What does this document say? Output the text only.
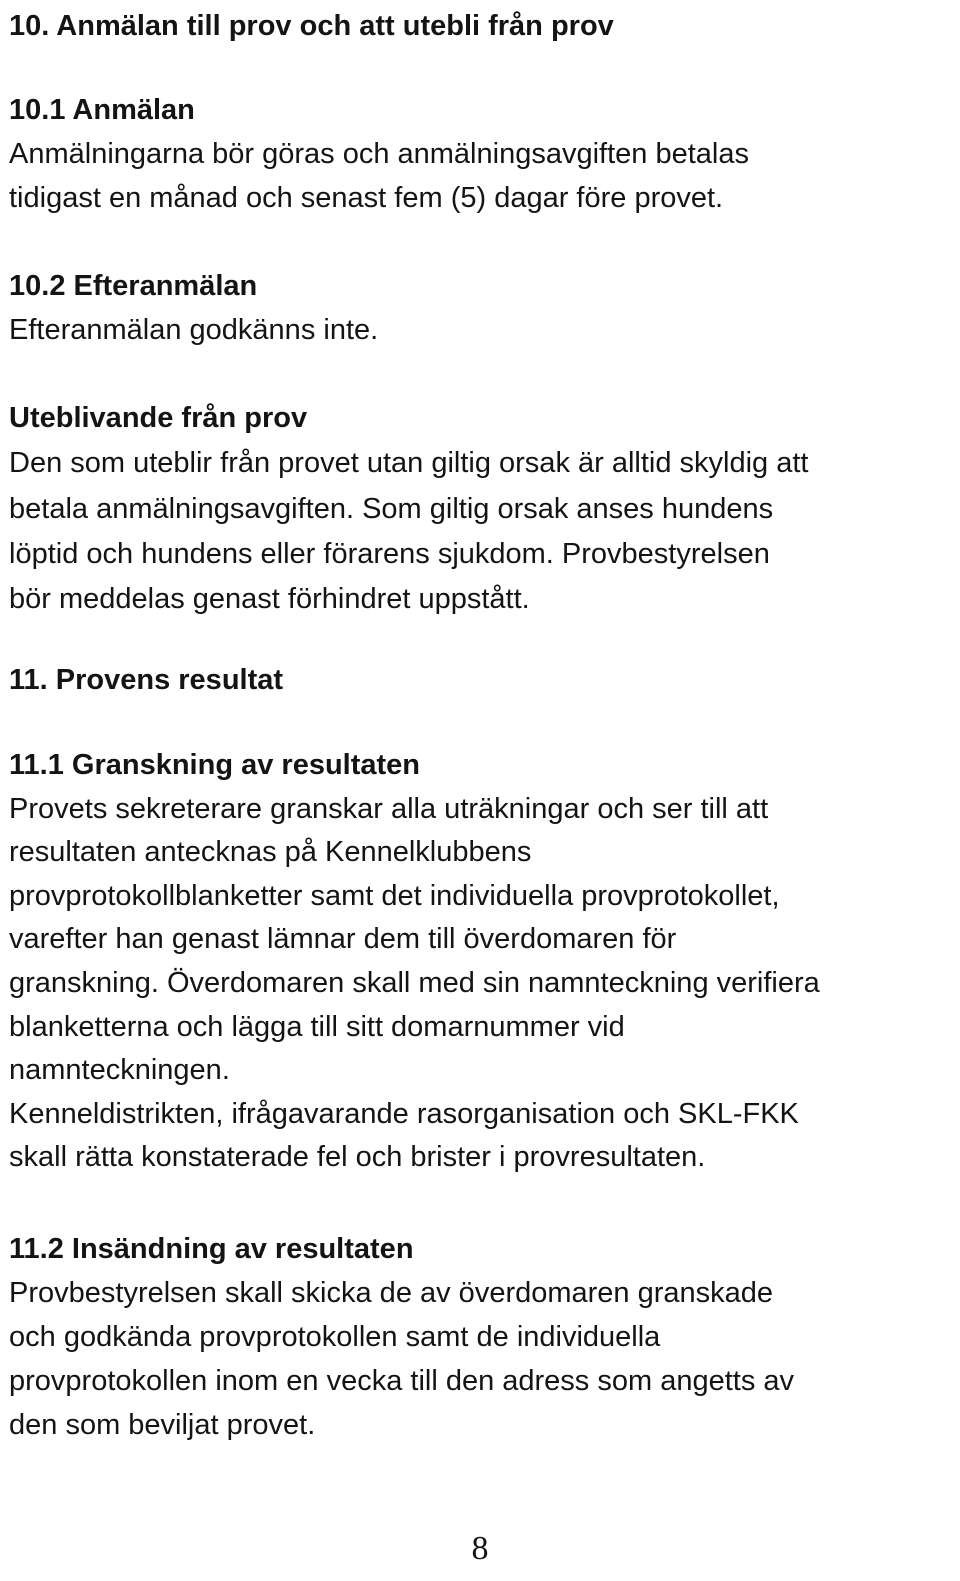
10. Anmälan till prov och att utebli från prov
10.1 Anmälan
Anmälningarna bör göras och anmälningsavgiften betalas
tidigast en månad och senast fem (5) dagar före provet.
10.2 Efteranmälan
Efteranmälan godkänns inte.
Uteblivande från prov
Den som uteblir från provet utan giltig orsak är alltid skyldig att
betala anmälningsavgiften. Som giltig orsak anses hundens
löptid och hundens eller förarens sjukdom. Provbestyrelsen
bör meddelas genast förhindret uppstått.
11. Provens resultat
11.1 Granskning av resultaten
Provets sekreterare granskar alla uträkningar och ser till att
resultaten antecknas på Kennelklubbens
provprotokollblanketter samt det individuella provprotokollet,
varefter han genast lämnar dem till överdomaren för
granskning. Överdomaren skall med sin namnteckning verifiera
blanketterna och lägga till sitt domarnummer vid
namnteckningen.
Kenneldistrikten, ifrågavarande rasorganisation och SKL-FKK
skall rätta konstaterade fel och brister i provresultaten.
11.2 Insändning av resultaten
Provbestyrelsen skall skicka de av överdomaren granskade
och godkända provprotokollen samt de individuella
provprotokollen inom en vecka till den adress som angetts av
den som beviljat provet.
8
